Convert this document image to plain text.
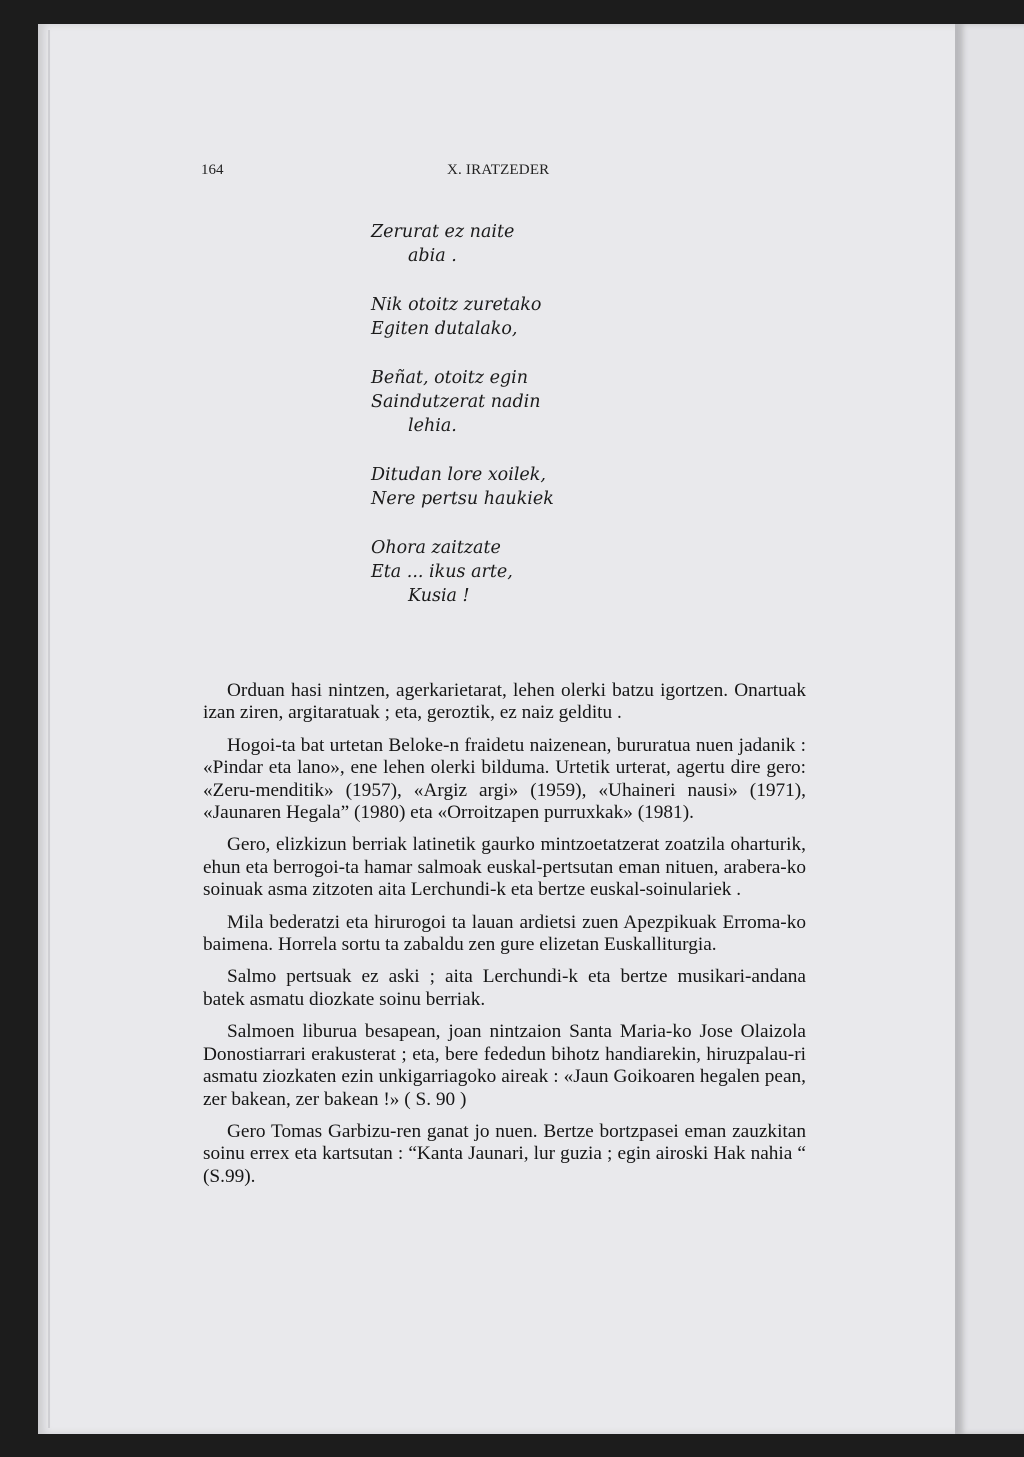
164	X. IRATZEDER
Zerurat ez naite
abia .
Nik otoitz zuretako
Egiten dutalako,
Beñat, otoitz egin
Saindutzerat nadin
lehia.
Ditudan lore xoilek,
Nere pertsu haukiek
Ohora zaitzate
Eta ... ikus arte,
Kusia !

Orduan hasi nintzen, agerkarietarat, lehen olerki batzu igortzen. Onartuak izan ziren, argitaratuak ; eta, geroztik, ez naiz gelditu .

Hogoi-ta bat urtetan Beloke-n fraidetu naizenean, bururatua nuen jadanik : «Pindar eta lano», ene lehen olerki bilduma. Urtetik urterat, agertu dire gero: «Zeru-menditik» (1957), «Argiz argi» (1959), «Uhaineri nausi» (1971), «Jaunaren Hegala” (1980) eta «Orroitzapen purruxkak» (1981).

Gero, elizkizun berriak latinetik gaurko mintzoetatzerat zoatzila oharturik, ehun eta berrogoi-ta hamar salmoak euskal-pertsutan eman nituen, arabera-ko soinuak asma zitzoten aita Lerchundi-k eta bertze euskal-soinulariek .

Mila bederatzi eta hirurogoi ta lauan ardietsi zuen Apezpikuak Erroma-ko baimena. Horrela sortu ta zabaldu zen gure elizetan Euskalliturgia.

Salmo pertsuak ez aski ; aita Lerchundi-k eta bertze musikari-andana batek asmatu diozkate soinu berriak.

Salmoen liburua besapean, joan nintzaion Santa Maria-ko Jose Olaizola Donostiarrari erakusterat ; eta, bere fededun bihotz handiarekin, hiruzpalau-ri asmatu ziozkaten ezin unkigarriagoko aireak : «Jaun Goikoaren hegalen pean, zer bakean, zer bakean !» ( S. 90 )

Gero Tomas Garbizu-ren ganat jo nuen. Bertze bortzpasei eman zauzkitan soinu errex eta kartsutan : “Kanta Jaunari, lur guzia ; egin airoski Hak nahia “ (S.99).
